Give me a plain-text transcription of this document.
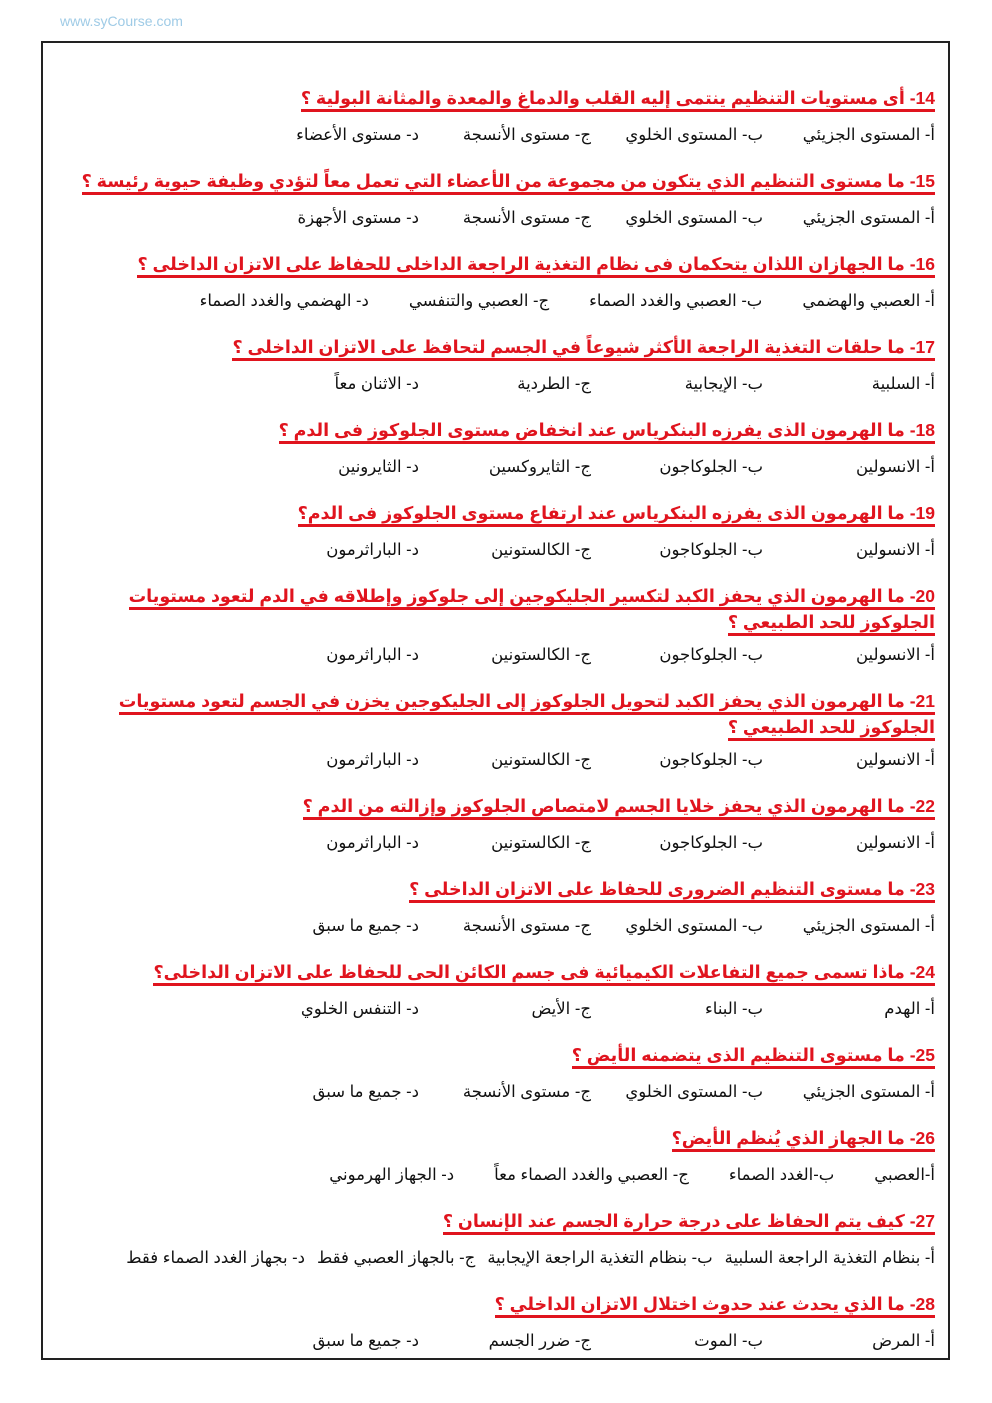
www.syCourse.com
14- أى مستويات التنظيم ينتمى إليه القلب والدماغ والمعدة والمثانة البولية ؟
أ- المستوى الجزيئي
ب- المستوى الخلوي
ج- مستوى الأنسجة
د- مستوى الأعضاء
15- ما مستوى التنظيم الذي يتكون من مجموعة من الأعضاء التي تعمل معاً لتؤدي وظيفة حيوية رئيسة ؟
أ- المستوى الجزيئي
ب- المستوى الخلوي
ج- مستوى الأنسجة
د- مستوى الأجهزة
16- ما الجهازان اللذان يتحكمان فى نظام التغذية الراجعة الداخلى للحفاظ على الاتزان الداخلى ؟
أ- العصبي والهضمي
ب- العصبي والغدد الصماء
ج- العصبي والتنفسي
د- الهضمي والغدد الصماء
17- ما حلقات التغذية الراجعة الأكثر شيوعاً في الجسم لتحافظ على الاتزان الداخلى ؟
أ- السلبية
ب- الإيجابية
ج- الطردية
د- الاثنان معاً
18- ما الهرمون الذى يفرزه البنكرياس عند انخفاض مستوى الجلوكوز فى الدم ؟
أ- الانسولين
ب- الجلوكاجون
ج- الثايروكسين
د- الثايرونين
19- ما الهرمون الذى يفرزه البنكرياس عند ارتفاع مستوى الجلوكوز فى الدم؟
أ- الانسولين
ب- الجلوكاجون
ج- الكالستونين
د- الباراثرمون
20- ما الهرمون الذي يحفز الكبد لتكسير الجليكوجين إلى جلوكوز وإطلاقه في الدم لتعود مستويات الجلوكوز للحد الطبيعي ؟
أ- الانسولين
ب- الجلوكاجون
ج- الكالستونين
د- الباراثرمون
21- ما الهرمون الذي يحفز الكبد لتحويل الجلوكوز إلى الجليكوجين يخزن في الجسم لتعود مستويات الجلوكوز للحد الطبيعي ؟
أ- الانسولين
ب- الجلوكاجون
ج- الكالستونين
د- الباراثرمون
22- ما الهرمون الذي يحفز خلايا الجسم لامتصاص الجلوكوز وإزالته من الدم ؟
أ- الانسولين
ب- الجلوكاجون
ج- الكالستونين
د- الباراثرمون
23- ما مستوى التنظيم الضرورى للحفاظ على الاتزان الداخلى ؟
أ- المستوى الجزيئي
ب- المستوى الخلوي
ج- مستوى الأنسجة
د- جميع ما سبق
24- ماذا تسمى جميع التفاعلات الكيميائية فى جسم الكائن الحى للحفاظ على الاتزان الداخلى؟
أ- الهدم
ب- البناء
ج- الأيض
د- التنفس الخلوي
25- ما مستوى التنظيم الذى يتضمنه الأيض ؟
أ- المستوى الجزيئي
ب- المستوى الخلوي
ج- مستوى الأنسجة
د- جميع ما سبق
26- ما الجهاز الذي يُنظم الأيض؟
أ-العصبي
ب-الغدد الصماء
ج- العصبي والغدد الصماء معاً
د- الجهاز الهرموني
27- كيف يتم الحفاظ على درجة حرارة الجسم عند الإنسان ؟
أ- بنظام التغذية الراجعة السلبية
ب- بنظام التغذية الراجعة الإيجابية
ج- بالجهاز العصبي فقط
د- بجهاز الغدد الصماء فقط
28- ما الذي يحدث عند حدوث اختلال الاتزان الداخلي ؟
أ- المرض
ب- الموت
ج- ضرر الجسم
د- جميع ما سبق
